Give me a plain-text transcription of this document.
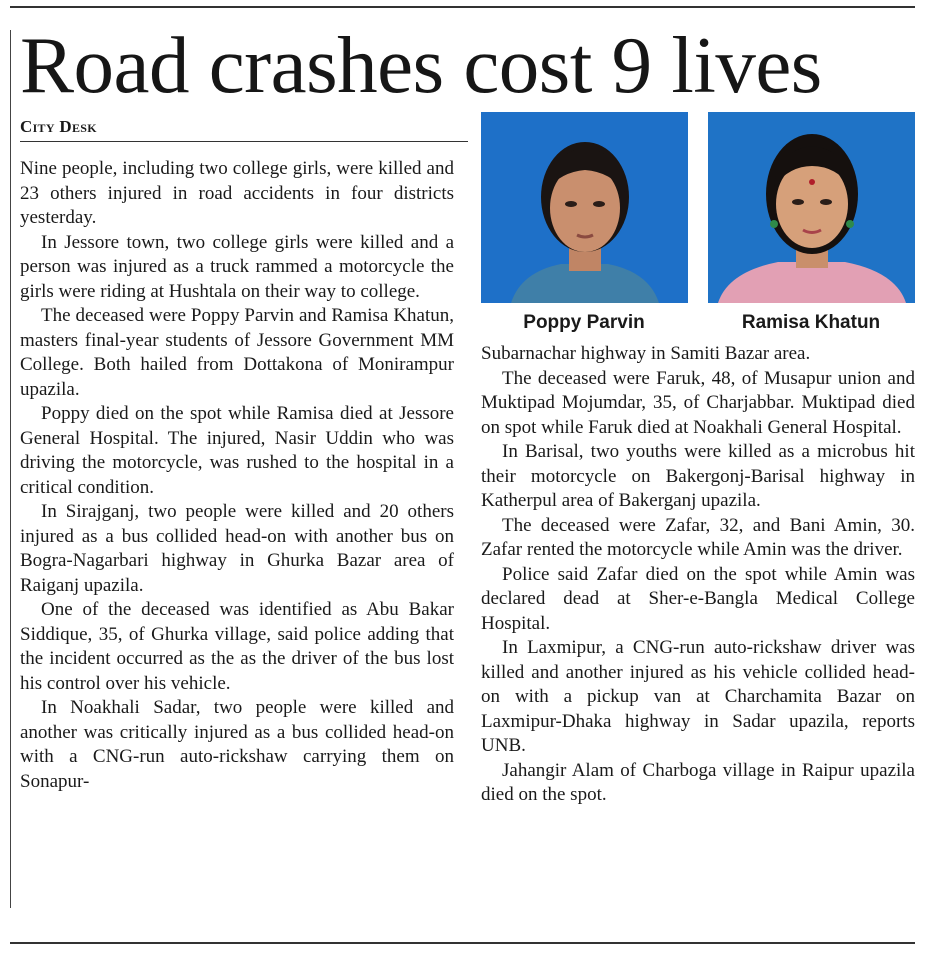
Road crashes cost 9 lives
City Desk

Nine people, including two college girls, were killed and 23 others injured in road accidents in four districts yesterday.

In Jessore town, two college girls were killed and a person was injured as a truck rammed a motorcycle the girls were riding at Hushtala on their way to college.

The deceased were Poppy Parvin and Ramisa Khatun, masters final-year students of Jessore Government MM College. Both hailed from Dottakona of Monirampur upazila.

Poppy died on the spot while Ramisa died at Jessore General Hospital. The injured, Nasir Uddin who was driving the motorcycle, was rushed to the hospital in a critical condition.

In Sirajganj, two people were killed and 20 others injured as a bus collided head-on with another bus on Bogra-Nagarbari highway in Ghurka Bazar area of Raiganj upazila.

One of the deceased was identified as Abu Bakar Siddique, 35, of Ghurka village, said police adding that the incident occurred as the as the driver of the bus lost his control over his vehicle.

In Noakhali Sadar, two people were killed and another was critically injured as a bus collided head-on with a CNG-run auto-rickshaw carrying them on Sonapur-

Poppy Parvin	Ramisa Khatun

Subarnachar highway in Samiti Bazar area.

The deceased were Faruk, 48, of Musapur union and Muktipad Mojumdar, 35, of Charjabbar. Muktipad died on spot while Faruk died at Noakhali General Hospital.

In Barisal, two youths were killed as a microbus hit their motorcycle on Bakergonj-Barisal highway in Katherpul area of Bakerganj upazila.

The deceased were Zafar, 32, and Bani Amin, 30. Zafar rented the motorcycle while Amin was the driver.

Police said Zafar died on the spot while Amin was declared dead at Sher-e-Bangla Medical College Hospital.

In Laxmipur, a CNG-run auto-rickshaw driver was killed and another injured as his vehicle collided head-on with a pickup van at Charchamita Bazar on Laxmipur-Dhaka highway in Sadar upazila, reports UNB.

Jahangir Alam of Charboga village in Raipur upazila died on the spot.
